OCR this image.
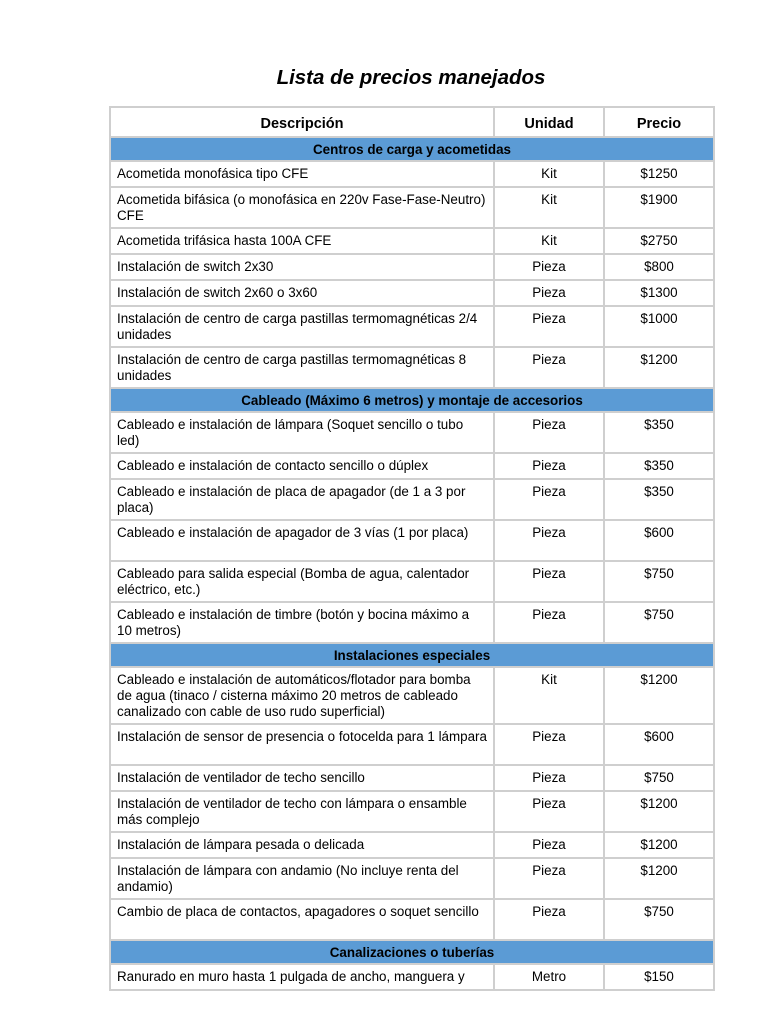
Lista de precios manejados
Descripción	Unidad	Precio
Centros de carga y acometidas		
Acometida monofásica tipo CFE	Kit	$1250
Acometida bifásica (o monofásica en 220v Fase-Fase-Neutro) CFE	Kit	$1900
Acometida trifásica hasta 100A CFE	Kit	$2750
Instalación de switch 2x30	Pieza	$800
Instalación de switch 2x60 o 3x60	Pieza	$1300
Instalación de centro de carga pastillas termomagnéticas 2/4 unidades	Pieza	$1000
Instalación de centro de carga pastillas termomagnéticas 8 unidades	Pieza	$1200
Cableado (Máximo 6 metros) y montaje de accesorios		
Cableado e instalación de lámpara (Soquet sencillo o tubo led)	Pieza	$350
Cableado e instalación de contacto sencillo o dúplex	Pieza	$350
Cableado e instalación de placa de apagador (de 1 a 3 por placa)	Pieza	$350
Cableado e instalación de apagador de 3 vías (1 por placa)	Pieza	$600
Cableado para salida especial (Bomba de agua, calentador eléctrico, etc.)	Pieza	$750
Cableado e instalación de timbre (botón y bocina máximo a 10 metros)	Pieza	$750
Instalaciones especiales		
Cableado e instalación de automáticos/flotador para bomba de agua (tinaco / cisterna máximo 20 metros de cableado canalizado con cable de uso rudo superficial)	Kit	$1200
Instalación de sensor de presencia o fotocelda para 1 lámpara	Pieza	$600
Instalación de ventilador de techo sencillo	Pieza	$750
Instalación de ventilador de techo con lámpara o ensamble más complejo	Pieza	$1200
Instalación de lámpara pesada o delicada	Pieza	$1200
Instalación de lámpara con andamio (No incluye renta del andamio)	Pieza	$1200
Cambio de placa de contactos, apagadores o soquet sencillo	Pieza	$750
Canalizaciones o tuberías		
Ranurado en muro hasta 1 pulgada de ancho, manguera y	Metro	$150
